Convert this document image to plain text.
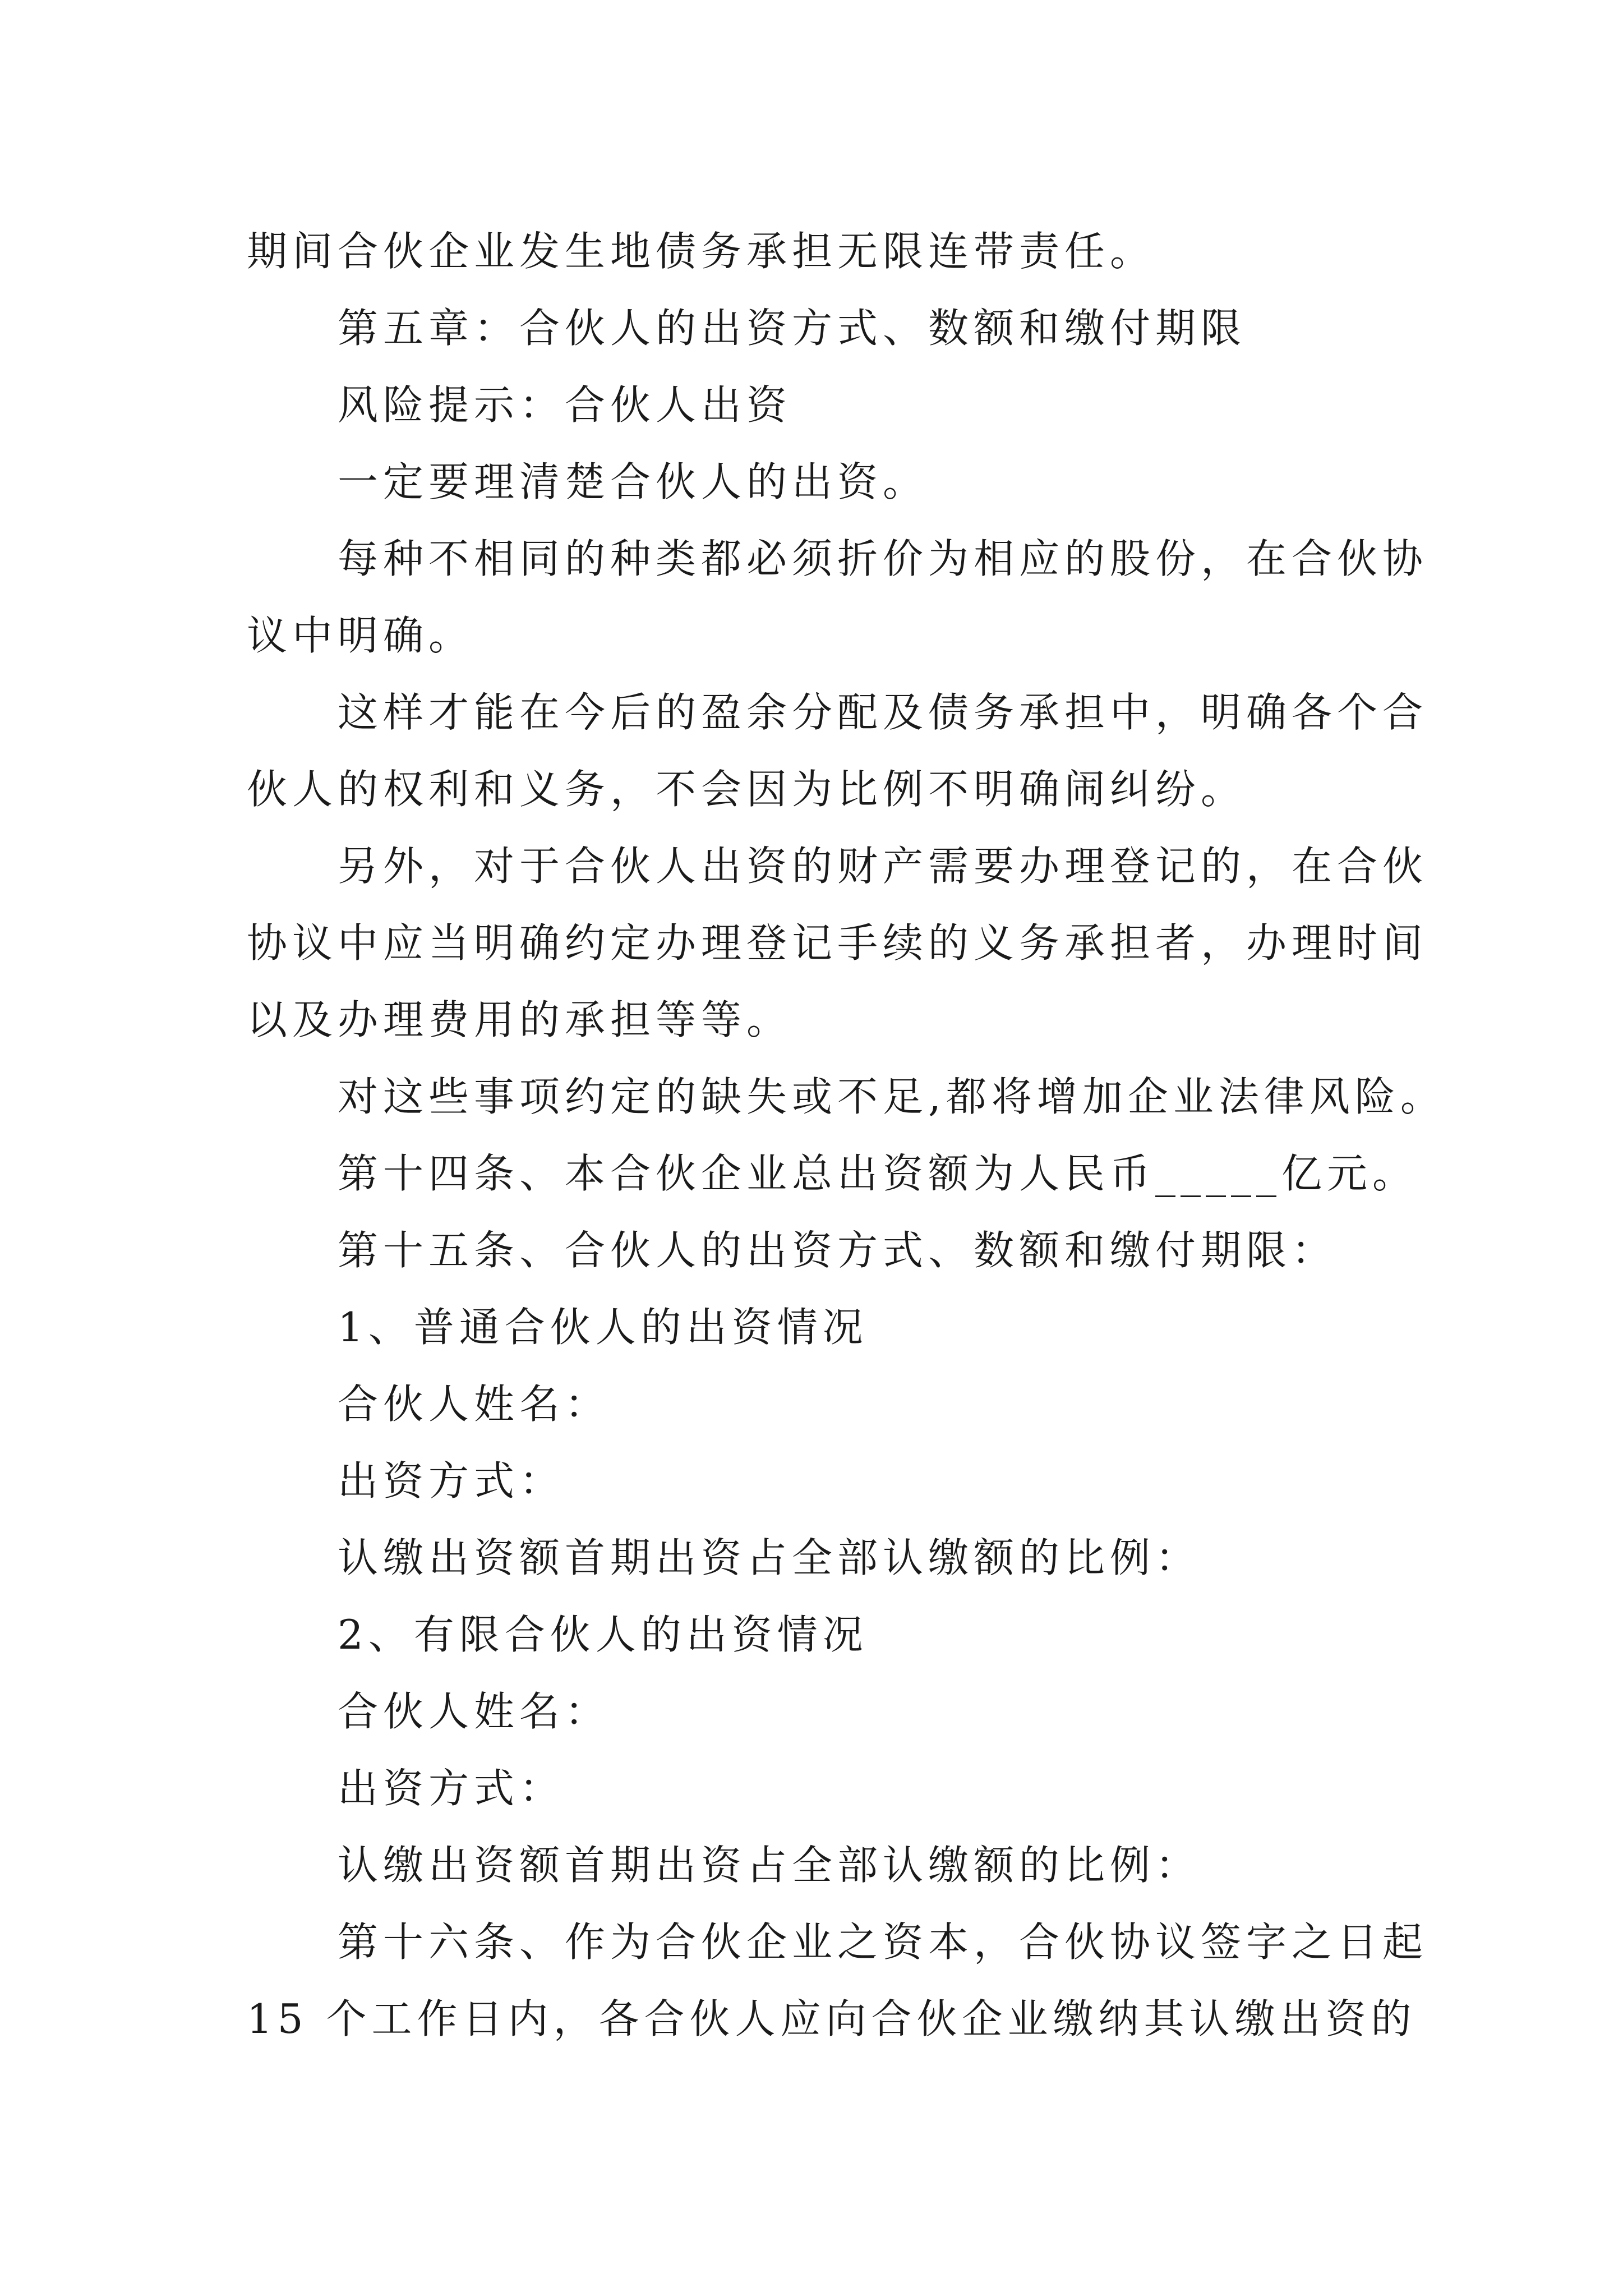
期间合伙企业发生地债务承担无限连带责任。
第五章：合伙人的出资方式、数额和缴付期限
风险提示：合伙人出资
一定要理清楚合伙人的出资。
每种不相同的种类都必须折价为相应的股份，在合伙协
议中明确。
这样才能在今后的盈余分配及债务承担中，明确各个合
伙人的权利和义务，不会因为比例不明确闹纠纷。
另外，对于合伙人出资的财产需要办理登记的，在合伙
协议中应当明确约定办理登记手续的义务承担者，办理时间
以及办理费用的承担等等。
对这些事项约定的缺失或不足,都将增加企业法律风险。
第十四条、本合伙企业总出资额为人民币_____亿元。
第十五条、合伙人的出资方式、数额和缴付期限：
1、普通合伙人的出资情况
合伙人姓名：
出资方式：
认缴出资额首期出资占全部认缴额的比例：
2、有限合伙人的出资情况
合伙人姓名：
出资方式：
认缴出资额首期出资占全部认缴额的比例：
第十六条、作为合伙企业之资本，合伙协议签字之日起
15 个工作日内，各合伙人应向合伙企业缴纳其认缴出资的
